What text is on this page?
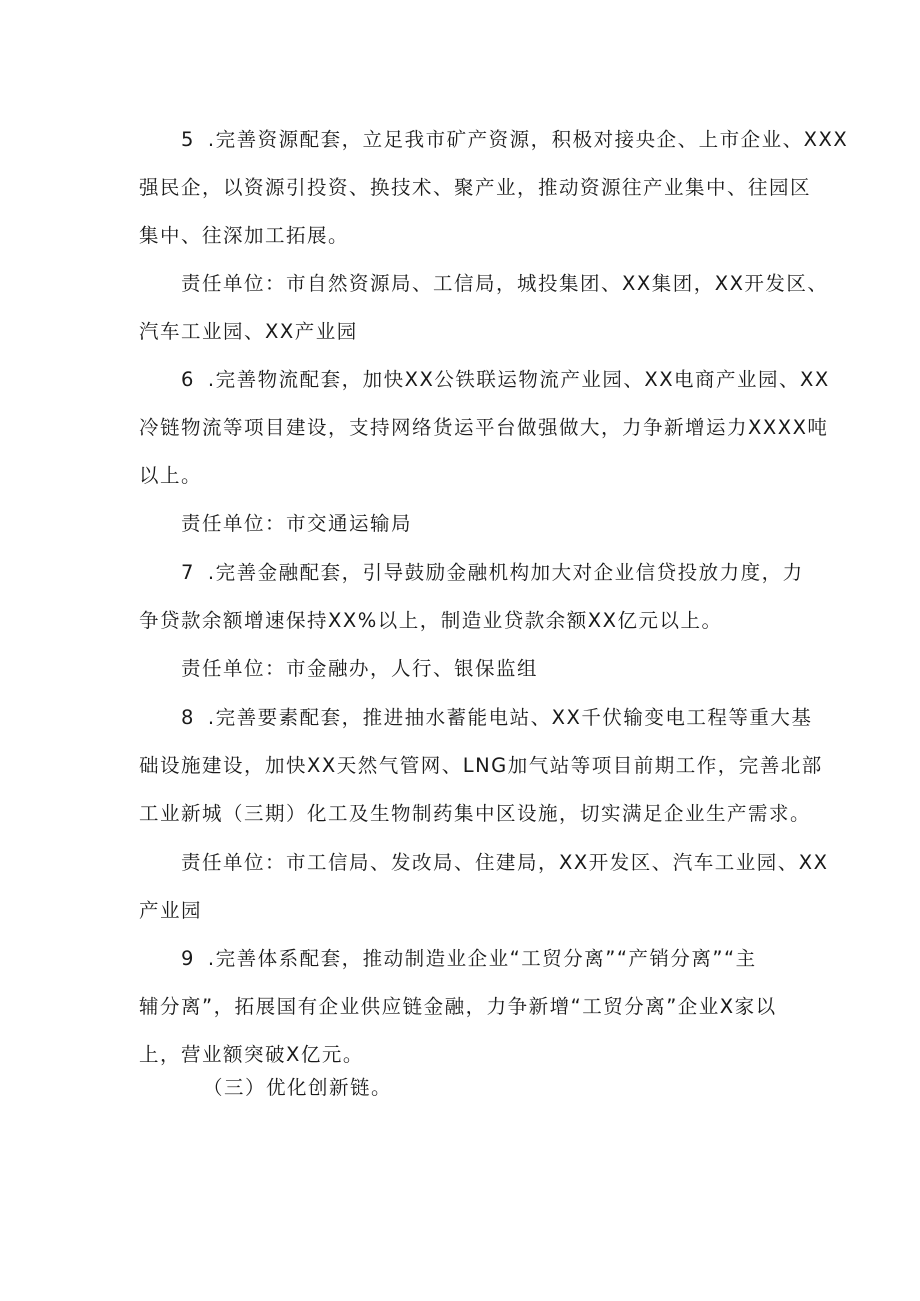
5 .完善资源配套，立足我市矿产资源，积极对接央企、上市企业、XXX
强民企，以资源引投资、换技术、聚产业，推动资源往产业集中、往园区
集中、往深加工拓展。
责任单位：市自然资源局、工信局，城投集团、XX集团，XX开发区、
汽车工业园、XX产业园
6 .完善物流配套，加快XX公铁联运物流产业园、XX电商产业园、XX
冷链物流等项目建设，支持网络货运平台做强做大，力争新增运力XXXX吨
以上。
责任单位：市交通运输局
7 .完善金融配套，引导鼓励金融机构加大对企业信贷投放力度，力
争贷款余额增速保持XX%以上，制造业贷款余额XX亿元以上。
责任单位：市金融办，人行、银保监组
8 .完善要素配套，推进抽水蓄能电站、XX千伏输变电工程等重大基
础设施建设，加快XX天然气管网、LNG加气站等项目前期工作，完善北部
工业新城（三期）化工及生物制药集中区设施，切实满足企业生产需求。
责任单位：市工信局、发改局、住建局，XX开发区、汽车工业园、XX
产业园
9 .完善体系配套，推动制造业企业“工贸分离”“产销分离”“主
辅分离”，拓展国有企业供应链金融，力争新增“工贸分离”企业X家以
上，营业额突破X亿元。
（三）优化创新链。
